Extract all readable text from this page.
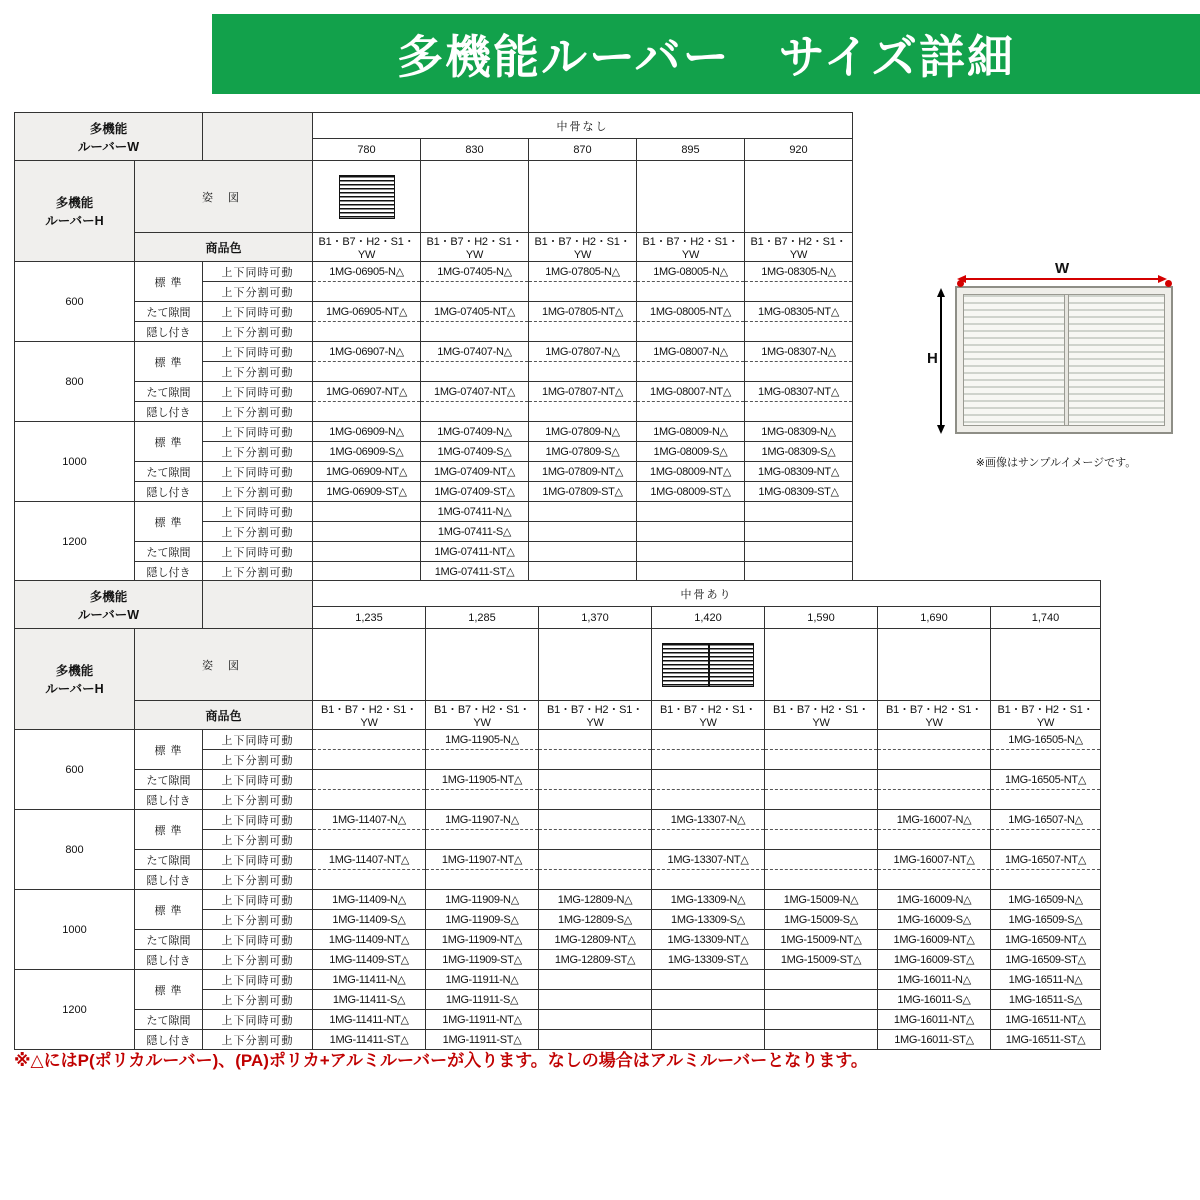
多機能ルーバー　サイズ詳細
多機能
ルーバーW			中骨なし				
			780	830	870	895	920

多機能
ルーバーH	姿 図		

	商品色		B1・B7・H2・S1・YW	B1・B7・H2・S1・YW	B1・B7・H2・S1・YW	B1・B7・H2・S1・YW	B1・B7・H2・S1・YW
600	標 準	上下同時可動	1MG-06905-N△	1MG-07405-N△	1MG-07805-N△	1MG-08005-N△	1MG-08305-N△
		上下分割可動					
	たて隙間	上下同時可動	1MG-06905-NT△	1MG-07405-NT△	1MG-07805-NT△	1MG-08005-NT△	1MG-08305-NT△
	隠し付き	上下分割可動					
800	標 準	上下同時可動	1MG-06907-N△	1MG-07407-N△	1MG-07807-N△	1MG-08007-N△	1MG-08307-N△
		上下分割可動					
	たて隙間	上下同時可動	1MG-06907-NT△	1MG-07407-NT△	1MG-07807-NT△	1MG-08007-NT△	1MG-08307-NT△
	隠し付き	上下分割可動					
1000	標 準	上下同時可動	1MG-06909-N△	1MG-07409-N△	1MG-07809-N△	1MG-08009-N△	1MG-08309-N△
		上下分割可動	1MG-06909-S△	1MG-07409-S△	1MG-07809-S△	1MG-08009-S△	1MG-08309-S△
	たて隙間	上下同時可動	1MG-06909-NT△	1MG-07409-NT△	1MG-07809-NT△	1MG-08009-NT△	1MG-08309-NT△
	隠し付き	上下分割可動	1MG-06909-ST△	1MG-07409-ST△	1MG-07809-ST△	1MG-08009-ST△	1MG-08309-ST△
1200	標 準	上下同時可動		1MG-07411-N△			
		上下分割可動		1MG-07411-S△			
	たて隙間	上下同時可動		1MG-07411-NT△			
	隠し付き	上下分割可動		1MG-07411-ST△			
W
H
※画像はサンプルイメージです。
多機能
ルーバーW			中骨あり						
			1,235	1,285	1,370	1,420	1,590	1,690	1,740

多機能
ルーバーH	姿 図					

	商品色		B1・B7・H2・S1・YW	B1・B7・H2・S1・YW	B1・B7・H2・S1・YW	B1・B7・H2・S1・YW	B1・B7・H2・S1・YW	B1・B7・H2・S1・YW	B1・B7・H2・S1・YW
600	標 準	上下同時可動		1MG-11905-N△					1MG-16505-N△
		上下分割可動							
	たて隙間	上下同時可動		1MG-11905-NT△					1MG-16505-NT△
	隠し付き	上下分割可動							
800	標 準	上下同時可動	1MG-11407-N△	1MG-11907-N△		1MG-13307-N△		1MG-16007-N△	1MG-16507-N△
		上下分割可動							
	たて隙間	上下同時可動	1MG-11407-NT△	1MG-11907-NT△		1MG-13307-NT△		1MG-16007-NT△	1MG-16507-NT△
	隠し付き	上下分割可動							
1000	標 準	上下同時可動	1MG-11409-N△	1MG-11909-N△	1MG-12809-N△	1MG-13309-N△	1MG-15009-N△	1MG-16009-N△	1MG-16509-N△
		上下分割可動	1MG-11409-S△	1MG-11909-S△	1MG-12809-S△	1MG-13309-S△	1MG-15009-S△	1MG-16009-S△	1MG-16509-S△
	たて隙間	上下同時可動	1MG-11409-NT△	1MG-11909-NT△	1MG-12809-NT△	1MG-13309-NT△	1MG-15009-NT△	1MG-16009-NT△	1MG-16509-NT△
	隠し付き	上下分割可動	1MG-11409-ST△	1MG-11909-ST△	1MG-12809-ST△	1MG-13309-ST△	1MG-15009-ST△	1MG-16009-ST△	1MG-16509-ST△
1200	標 準	上下同時可動	1MG-11411-N△	1MG-11911-N△				1MG-16011-N△	1MG-16511-N△
		上下分割可動	1MG-11411-S△	1MG-11911-S△				1MG-16011-S△	1MG-16511-S△
	たて隙間	上下同時可動	1MG-11411-NT△	1MG-11911-NT△				1MG-16011-NT△	1MG-16511-NT△
	隠し付き	上下分割可動	1MG-11411-ST△	1MG-11911-ST△				1MG-16011-ST△	1MG-16511-ST△
※△にはP(ポリカルーバー)、(PA)ポリカ+アルミルーバーが入ります。なしの場合はアルミルーバーとなります。
